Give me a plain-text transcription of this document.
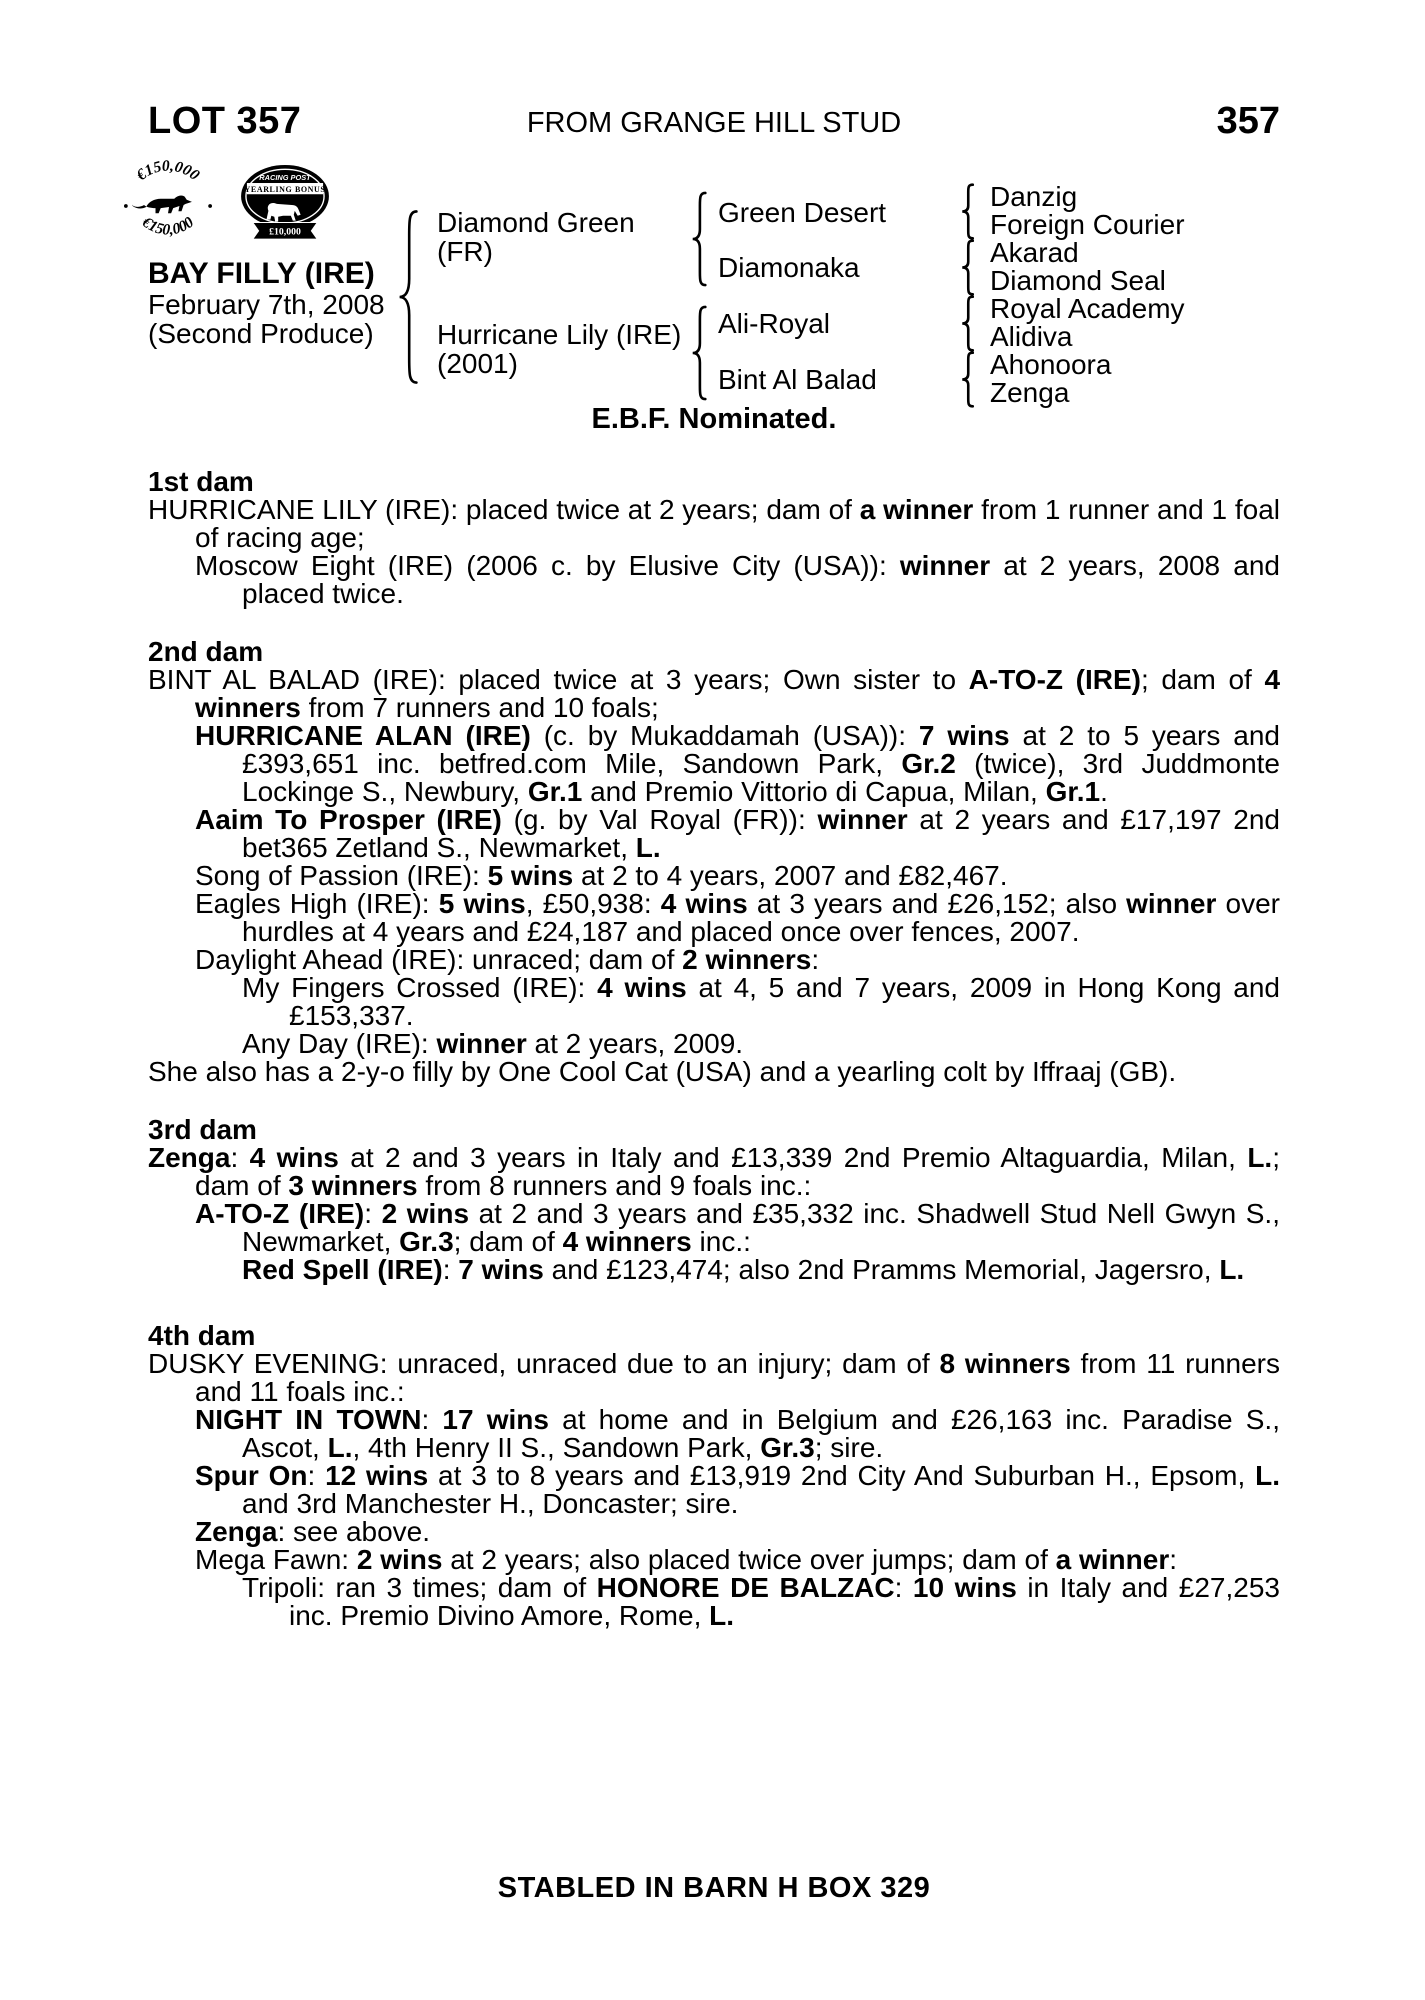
LOT 357	FROM GRANGE HILL STUD	357
€150,000
€150,000
RACING POST
YEARLING BONUS
£10,000
BAY FILLY (IRE)
February 7th, 2008
(Second Produce)
Diamond Green
(FR)
Hurricane Lily (IRE)
(2001)
Green Desert
Diamonaka
Ali-Royal
Bint Al Balad
Danzig
Foreign Courier
Akarad
Diamond Seal
Royal Academy
Alidiva
Ahonoora
Zenga
E.B.F. Nominated.
1st dam

HURRICANE LILY (IRE): placed twice at 2 years; dam of a winner from 1 runner and 1 foal of racing age;

Moscow Eight (IRE) (2006 c. by Elusive City (USA)): winner at 2 years, 2008 and placed twice.

2nd dam

BINT AL BALAD (IRE): placed twice at 3 years; Own sister to A-TO-Z (IRE); dam of 4 winners from 7 runners and 10 foals;

HURRICANE ALAN (IRE) (c. by Mukaddamah (USA)): 7 wins at 2 to 5 years and £393,651 inc. betfred.com Mile, Sandown Park, Gr.2 (twice), 3rd Juddmonte Lockinge S., Newbury, Gr.1 and Premio Vittorio di Capua, Milan, Gr.1.

Aaim To Prosper (IRE) (g. by Val Royal (FR)): winner at 2 years and £17,197 2nd bet365 Zetland S., Newmarket, L.

Song of Passion (IRE): 5 wins at 2 to 4 years, 2007 and £82,467.

Eagles High (IRE): 5 wins, £50,938: 4 wins at 3 years and £26,152; also winner over hurdles at 4 years and £24,187 and placed once over fences, 2007.

Daylight Ahead (IRE): unraced; dam of 2 winners:

My Fingers Crossed (IRE): 4 wins at 4, 5 and 7 years, 2009 in Hong Kong and £153,337.

Any Day (IRE): winner at 2 years, 2009.

She also has a 2-y-o filly by One Cool Cat (USA) and a yearling colt by Iffraaj (GB).

3rd dam

Zenga: 4 wins at 2 and 3 years in Italy and £13,339 2nd Premio Altaguardia, Milan, L.; dam of 3 winners from 8 runners and 9 foals inc.:

A-TO-Z (IRE): 2 wins at 2 and 3 years and £35,332 inc. Shadwell Stud Nell Gwyn S., Newmarket, Gr.3; dam of 4 winners inc.:

Red Spell (IRE): 7 wins and £123,474; also 2nd Pramms Memorial, Jagersro, L.

4th dam

DUSKY EVENING: unraced, unraced due to an injury; dam of 8 winners from 11 runners and 11 foals inc.:

NIGHT IN TOWN: 17 wins at home and in Belgium and £26,163 inc. Paradise S., Ascot, L., 4th Henry II S., Sandown Park, Gr.3; sire.

Spur On: 12 wins at 3 to 8 years and £13,919 2nd City And Suburban H., Epsom, L. and 3rd Manchester H., Doncaster; sire.

Zenga: see above.

Mega Fawn: 2 wins at 2 years; also placed twice over jumps; dam of a winner:

Tripoli: ran 3 times; dam of HONORE DE BALZAC: 10 wins in Italy and £27,253 inc. Premio Divino Amore, Rome, L.

STABLED IN BARN H BOX 329
